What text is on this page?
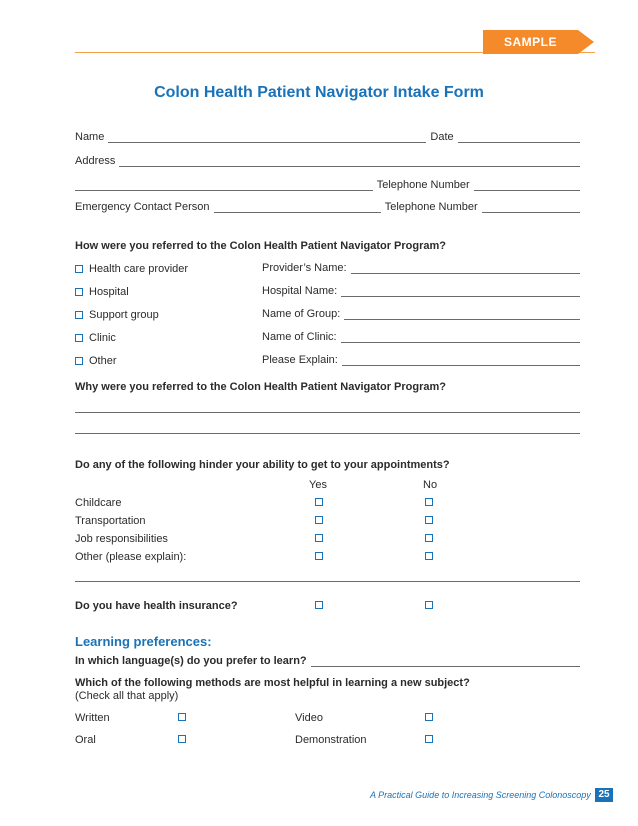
SAMPLE
Colon Health Patient Navigator Intake Form
Name	Date
Address
Telephone Number
Emergency Contact Person	Telephone Number
How were you referred to the Colon Health Patient Navigator Program?
Health care provider	Provider’s Name:
Hospital	Hospital Name:
Support group	Name of Group:
Clinic	Name of Clinic:
Other	Please Explain:
Why were you referred to the Colon Health Patient Navigator Program?
Do any of the following hinder your ability to get to your appointments?
Yes	No
Childcare
Transportation
Job responsibilities
Other (please explain):
Do you have health insurance?
Learning preferences:
In which language(s) do you prefer to learn?
Which of the following methods are most helpful in learning a new subject?
(Check all that apply)
Written	Video
Oral	Demonstration
A Practical Guide to Increasing Screening Colonoscopy 25
